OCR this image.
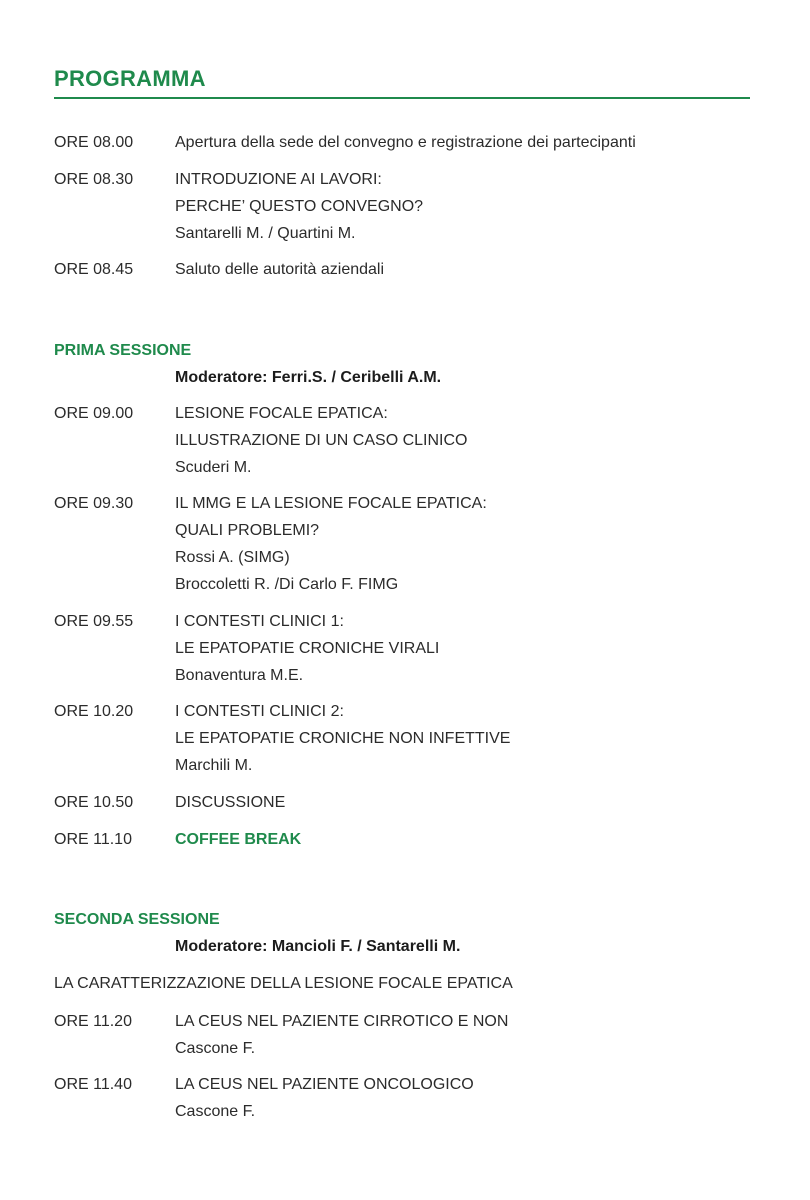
PROGRAMMA
ORE 08.00	Apertura della sede del convegno e registrazione dei partecipanti
ORE 08.30	INTRODUZIONE AI LAVORI:
PERCHE’ QUESTO CONVEGNO?
Santarelli M. / Quartini M.
ORE 08.45	Saluto delle autorità aziendali
PRIMA SESSIONE
Moderatore: Ferri.S. / Ceribelli A.M.
ORE 09.00	LESIONE FOCALE EPATICA:
ILLUSTRAZIONE DI UN CASO CLINICO
Scuderi M.
ORE 09.30	IL MMG E LA LESIONE FOCALE EPATICA:
QUALI PROBLEMI?
Rossi A. (SIMG)
Broccoletti R. /Di Carlo F. FIMG
ORE 09.55	I CONTESTI CLINICI 1:
LE EPATOPATIE CRONICHE VIRALI
Bonaventura M.E.
ORE 10.20	I CONTESTI CLINICI 2:
LE EPATOPATIE CRONICHE NON INFETTIVE
Marchili M.
ORE 10.50	DISCUSSIONE
ORE 11.10	COFFEE BREAK
SECONDA SESSIONE
Moderatore: Mancioli F. / Santarelli M.
LA CARATTERIZZAZIONE DELLA LESIONE FOCALE EPATICA
ORE 11.20	LA CEUS NEL PAZIENTE CIRROTICO E NON
Cascone F.
ORE 11.40	LA CEUS NEL PAZIENTE ONCOLOGICO
Cascone F.
